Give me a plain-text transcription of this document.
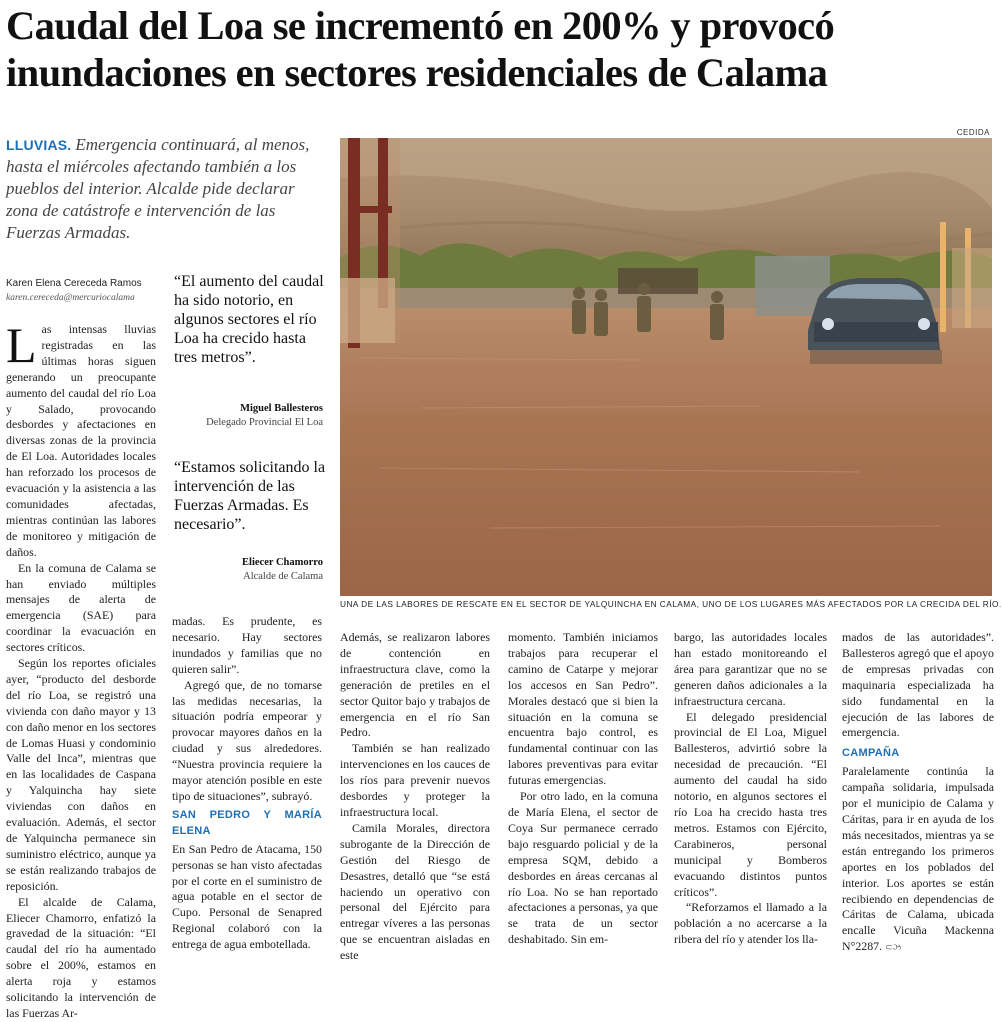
Caudal del Loa se incrementó en 200% y provocó inundaciones en sectores residenciales de Calama
LLUVIAS. Emergencia continuará, al menos, hasta el miércoles afectando también a los pueblos del interior. Alcalde pide declarar zona de catástrofe e intervención de las Fuerzas Armadas.
CEDIDA
UNA DE LAS LABORES DE RESCATE EN EL SECTOR DE YALQUINCHA EN CALAMA, UNO DE LOS LUGARES MÁS AFECTADOS POR LA CRECIDA DEL RÍO.
Karen Elena Cereceda Ramos
karen.cereceda@mercuriocalama
“El aumento del caudal ha sido notorio, en algunos sectores el río Loa ha crecido hasta tres metros”.
Miguel Ballesteros
Delegado Provincial El Loa
“Estamos solicitando la intervención de las Fuerzas Armadas. Es necesario”.
Eliecer Chamorro
Alcalde de Calama

Las intensas lluvias registradas en las últimas horas siguen generando un preocupante aumento del caudal del río Loa y Salado, provocando desbordes y afectaciones en diversas zonas de la provincia de El Loa. Autoridades locales han reforzado los procesos de evacuación y la asistencia a las comunidades afectadas, mientras continúan las labores de monitoreo y mitigación de daños.

En la comuna de Calama se han enviado múltiples mensajes de alerta de emergencia (SAE) para coordinar la evacuación en sectores críticos.

Según los reportes oficiales ayer, “producto del desborde del río Loa, se registró una vivienda con daño mayor y 13 con daño menor en los sectores de Lomas Huasi y condominio Valle del Inca”, mientras que en las localidades de Caspana y Yalquincha hay siete viviendas con daños en evaluación. Además, el sector de Yalquincha permanece sin suministro eléctrico, aunque ya se están realizando trabajos de reposición.

El alcalde de Calama, Eliecer Chamorro, enfatizó la gravedad de la situación: “El caudal del río ha aumentado sobre el 200%, estamos en alerta roja y estamos solicitando la intervención de las Fuerzas Ar-

madas. Es prudente, es necesario. Hay sectores inundados y familias que no quieren salir”.

Agregó que, de no tomarse las medidas necesarias, la situación podría empeorar y provocar mayores daños en la ciudad y sus alrededores. “Nuestra provincia requiere la mayor atención posible en este tipo de situaciones”, subrayó.

SAN PEDRO Y MARÍA ELENA

En San Pedro de Atacama, 150 personas se han visto afectadas por el corte en el suministro de agua potable en el sector de Cupo. Personal de Senapred Regional colaboró con la entrega de agua embotellada.

Además, se realizaron labores de contención en infraestructura clave, como la generación de pretiles en el sector Quitor bajo y trabajos de emergencia en el río San Pedro.

También se han realizado intervenciones en los cauces de los ríos para prevenir nuevos desbordes y proteger la infraestructura local.

Camila Morales, directora subrogante de la Dirección de Gestión del Riesgo de Desastres, detalló que “se está haciendo un operativo con personal del Ejército para entregar víveres a las personas que se encuentran aisladas en este

momento. También iniciamos trabajos para recuperar el camino de Catarpe y mejorar los accesos en San Pedro”. Morales destacó que si bien la situación en la comuna se encuentra bajo control, es fundamental continuar con las labores preventivas para evitar futuras emergencias.

Por otro lado, en la comuna de María Elena, el sector de Coya Sur permanece cerrado bajo resguardo policial y de la empresa SQM, debido a desbordes en áreas cercanas al río Loa. No se han reportado afectaciones a personas, ya que se trata de un sector deshabitado. Sin em-

bargo, las autoridades locales han estado monitoreando el área para garantizar que no se generen daños adicionales a la infraestructura cercana.

El delegado presidencial provincial de El Loa, Miguel Ballesteros, advirtió sobre la necesidad de precaución. “El aumento del caudal ha sido notorio, en algunos sectores el río Loa ha crecido hasta tres metros. Estamos con Ejército, Carabineros, personal municipal y Bomberos evacuando distintos puntos críticos”.

“Reforzamos el llamado a la población a no acercarse a la ribera del río y atender los lla-

mados de las autoridades”. Ballesteros agregó que el apoyo de empresas privadas con maquinaria especializada ha sido fundamental en la ejecución de las labores de emergencia.

CAMPAÑA

Paralelamente continúa la campaña solidaria, impulsada por el municipio de Calama y Cáritas, para ir en ayuda de los más necesitados, mientras ya se están entregando los primeros aportes en los poblados del interior. Los aportes se están recibiendo en dependencias de Cáritas de Calama, ubicada encalle Vicuña Mackenna N°2287. ⊂ઝ
